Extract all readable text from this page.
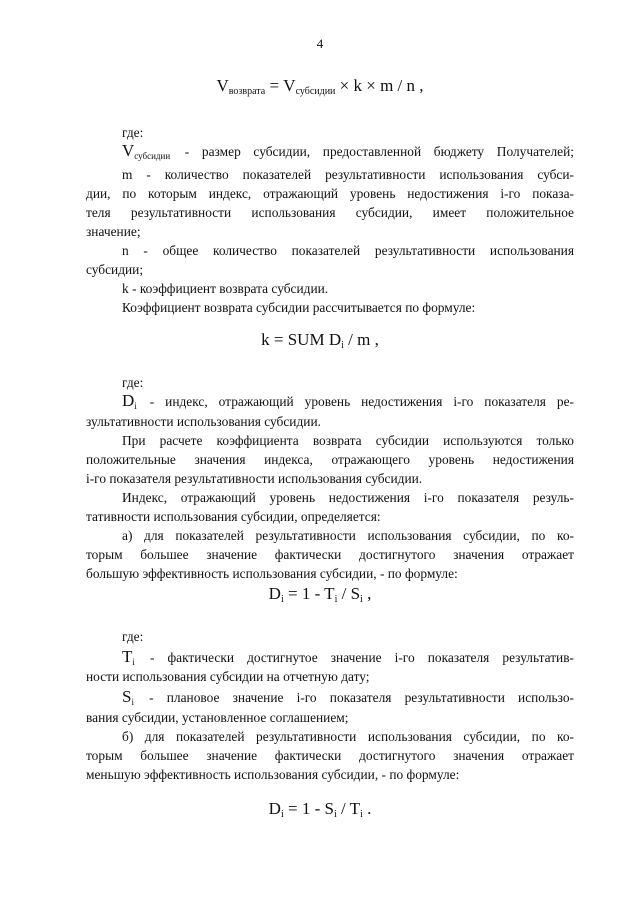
4
$V_{возврата} = V_{субсидии} \times k \times m / n$ ,
где:
$V_{субсидии}$ - размер субсидии, предоставленной бюджету Получателей;
m - количество показателей результативности использования субси-
дии, по которым индекс, отражающий уровень недостижения i-го показа-
теля результативности использования субсидии, имеет положительное
значение;
n - общее количество показателей результативности использования
субсидии;
k - коэффициент возврата субсидии.
Коэффициент возврата субсидии рассчитывается по формуле:
k = SUM $D_i$ / m ,
где:
$D_i$ - индекс, отражающий уровень недостижения i-го показателя ре-
зультативности использования субсидии.
При расчете коэффициента возврата субсидии используются только
положительные значения индекса, отражающего уровень недостижения
i-го показателя результативности использования субсидии.
Индекс, отражающий уровень недостижения i-го показателя резуль-
тативности использования субсидии, определяется:
а) для показателей результативности использования субсидии, по ко-
торым большее значение фактически достигнутого значения отражает
большую эффективность использования субсидии, - по формуле:
$D_i = 1 - T_i / S_i$ ,
где:
$T_i$ - фактически достигнутое значение i-го показателя результатив-
ности использования субсидии на отчетную дату;
$S_i$ - плановое значение i-го показателя результативности использо-
вания субсидии, установленное соглашением;
б) для показателей результативности использования субсидии, по ко-
торым большее значение фактически достигнутого значения отражает
меньшую эффективность использования субсидии, - по формуле:
$D_i = 1 - S_i / T_i$ .
